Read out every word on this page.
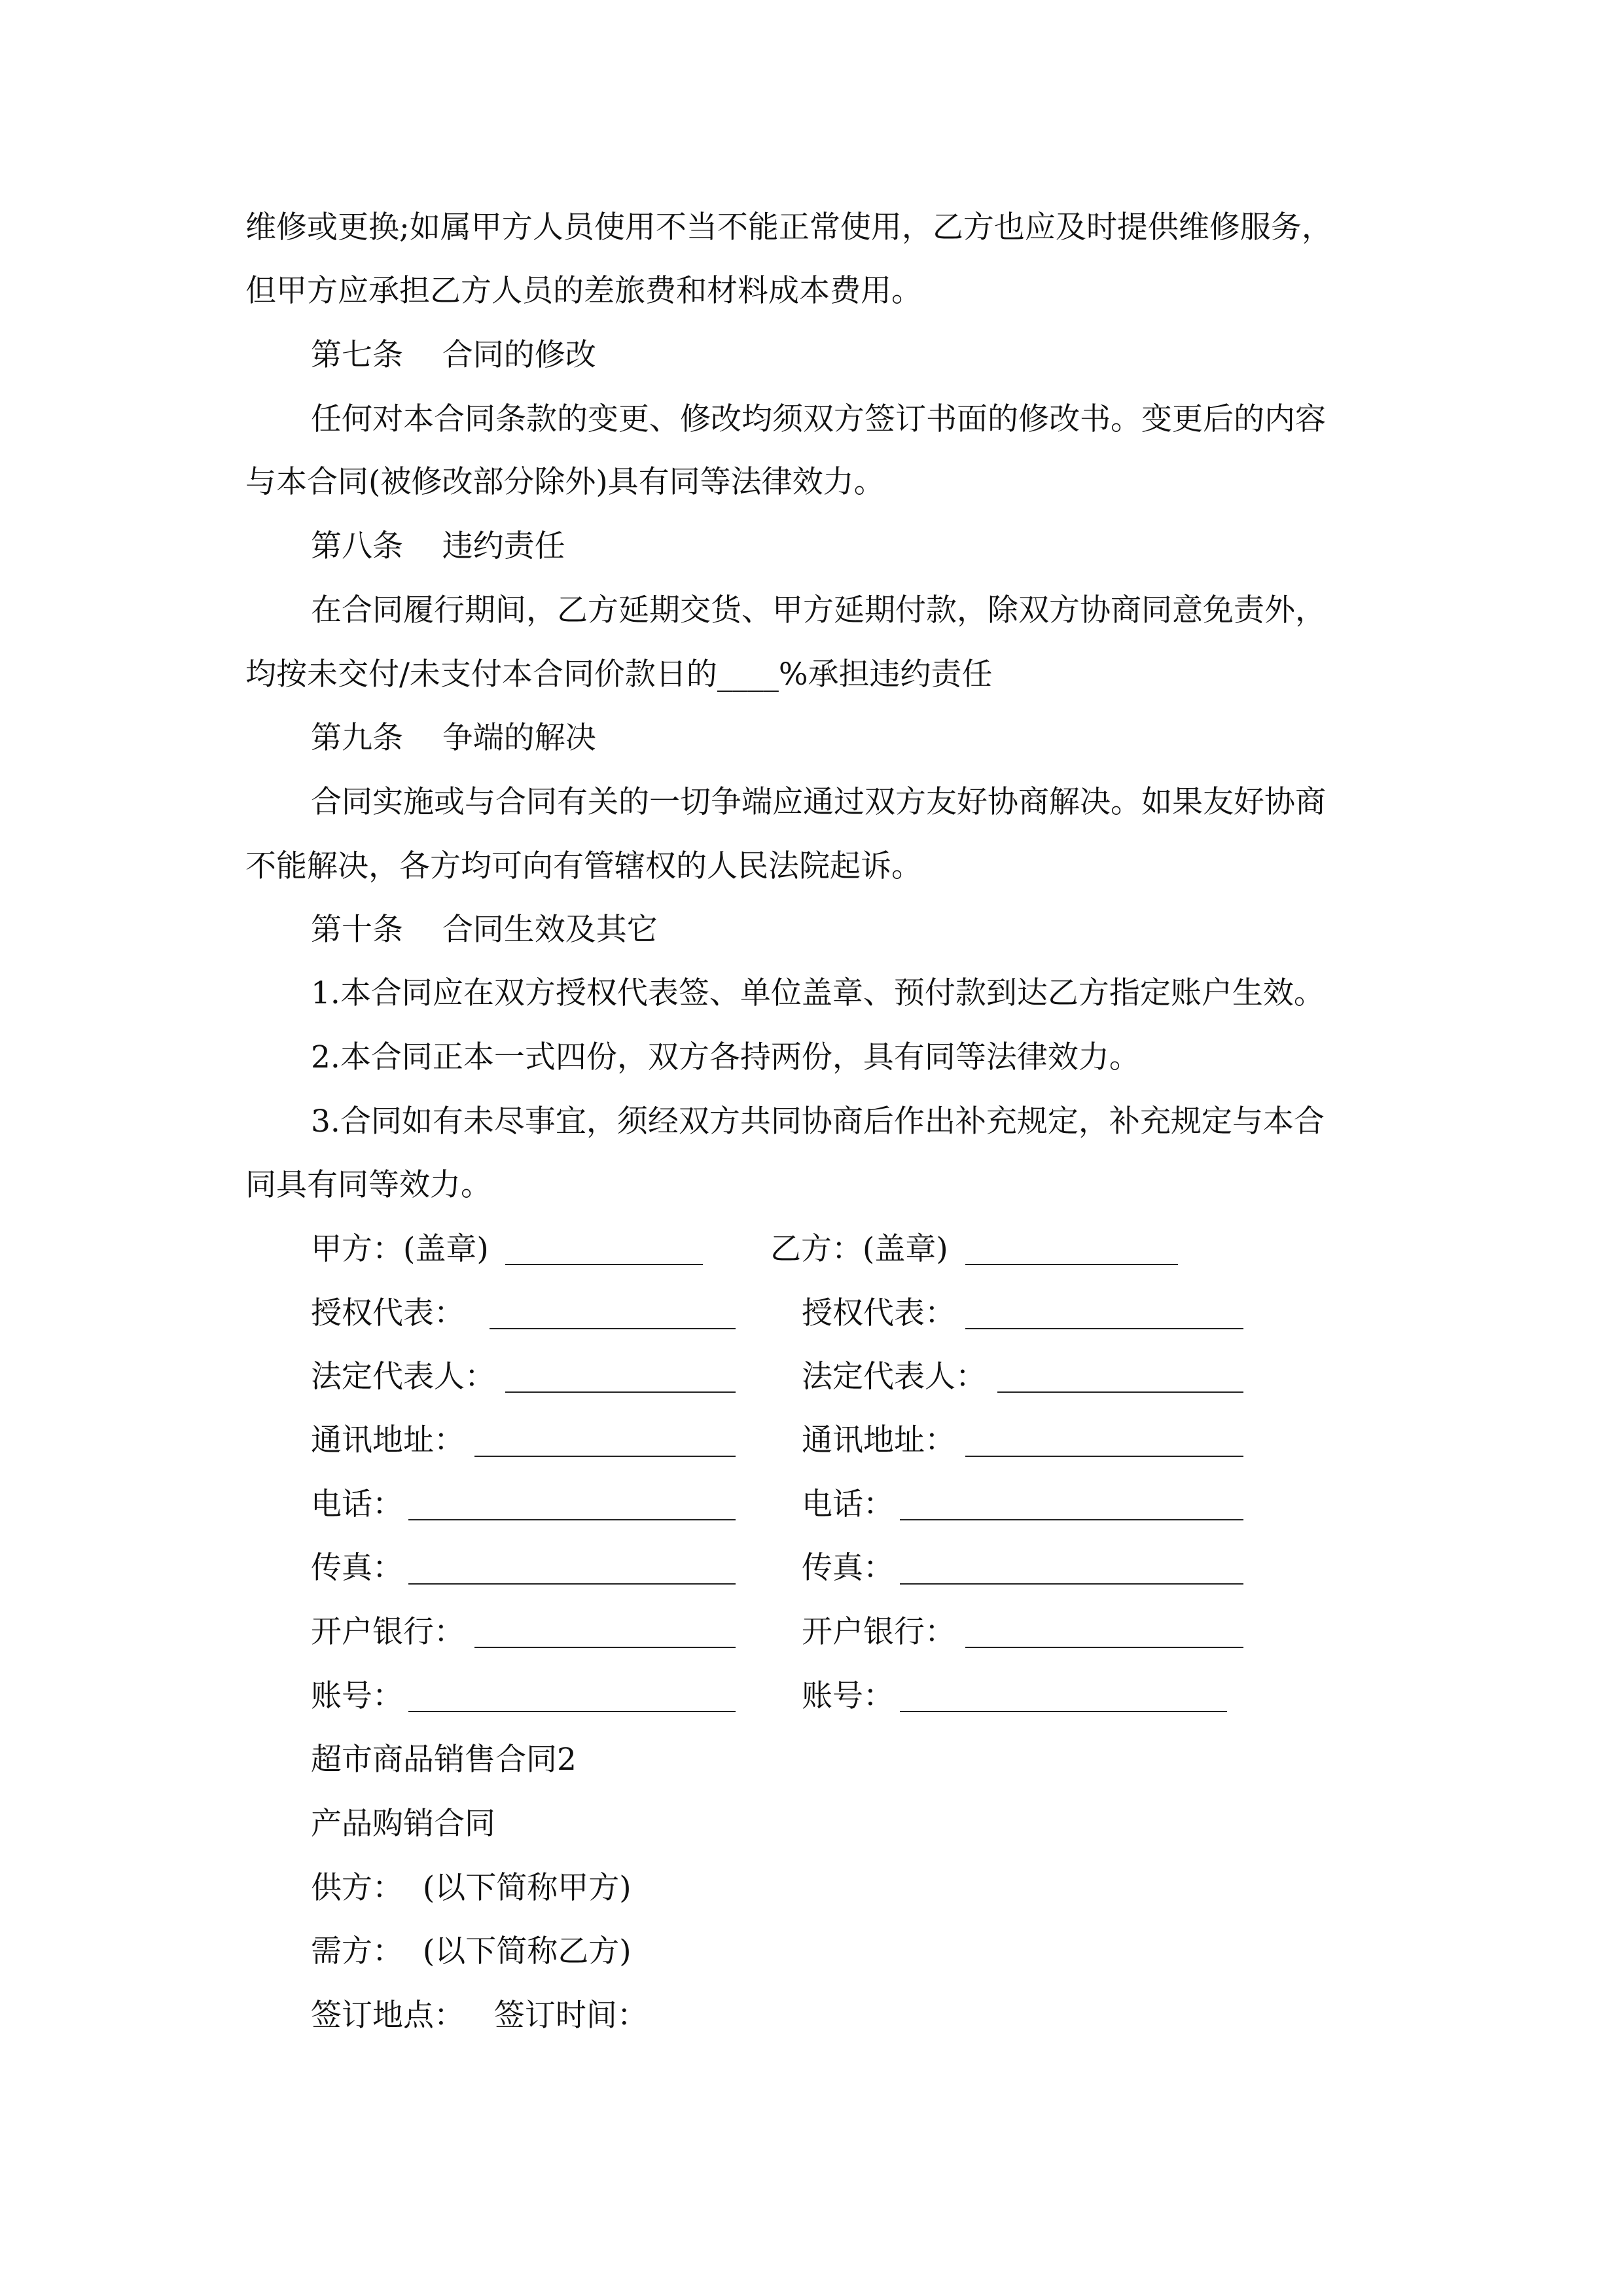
维修或更换;如属甲方人员使用不当不能正常使用，乙方也应及时提供维修服务，
但甲方应承担乙方人员的差旅费和材料成本费用。
第七条    合同的修改
任何对本合同条款的变更、修改均须双方签订书面的修改书。变更后的内容
与本合同(被修改部分除外)具有同等法律效力。
第八条    违约责任
在合同履行期间，乙方延期交货、甲方延期付款，除双方协商同意免责外，
均按未交付/未支付本合同价款日的____%承担违约责任
第九条    争端的解决
合同实施或与合同有关的一切争端应通过双方友好协商解决。如果友好协商
不能解决，各方均可向有管辖权的人民法院起诉。
第十条    合同生效及其它
1.本合同应在双方授权代表签、单位盖章、预付款到达乙方指定账户生效。
2.本合同正本一式四份，双方各持两份，具有同等法律效力。
3.合同如有未尽事宜，须经双方共同协商后作出补充规定，补充规定与本合
同具有同等效力。
甲方：(盖章)
授权代表：
法定代表人：
通讯地址：
电话：
传真：
开户银行：
账号：
乙方：(盖章)
授权代表：
法定代表人：
通讯地址：
电话：
传真：
开户银行：
账号：
超市商品销售合同2
产品购销合同
供方：  (以下简称甲方)
需方：  (以下简称乙方)
签订地点：   签订时间：
